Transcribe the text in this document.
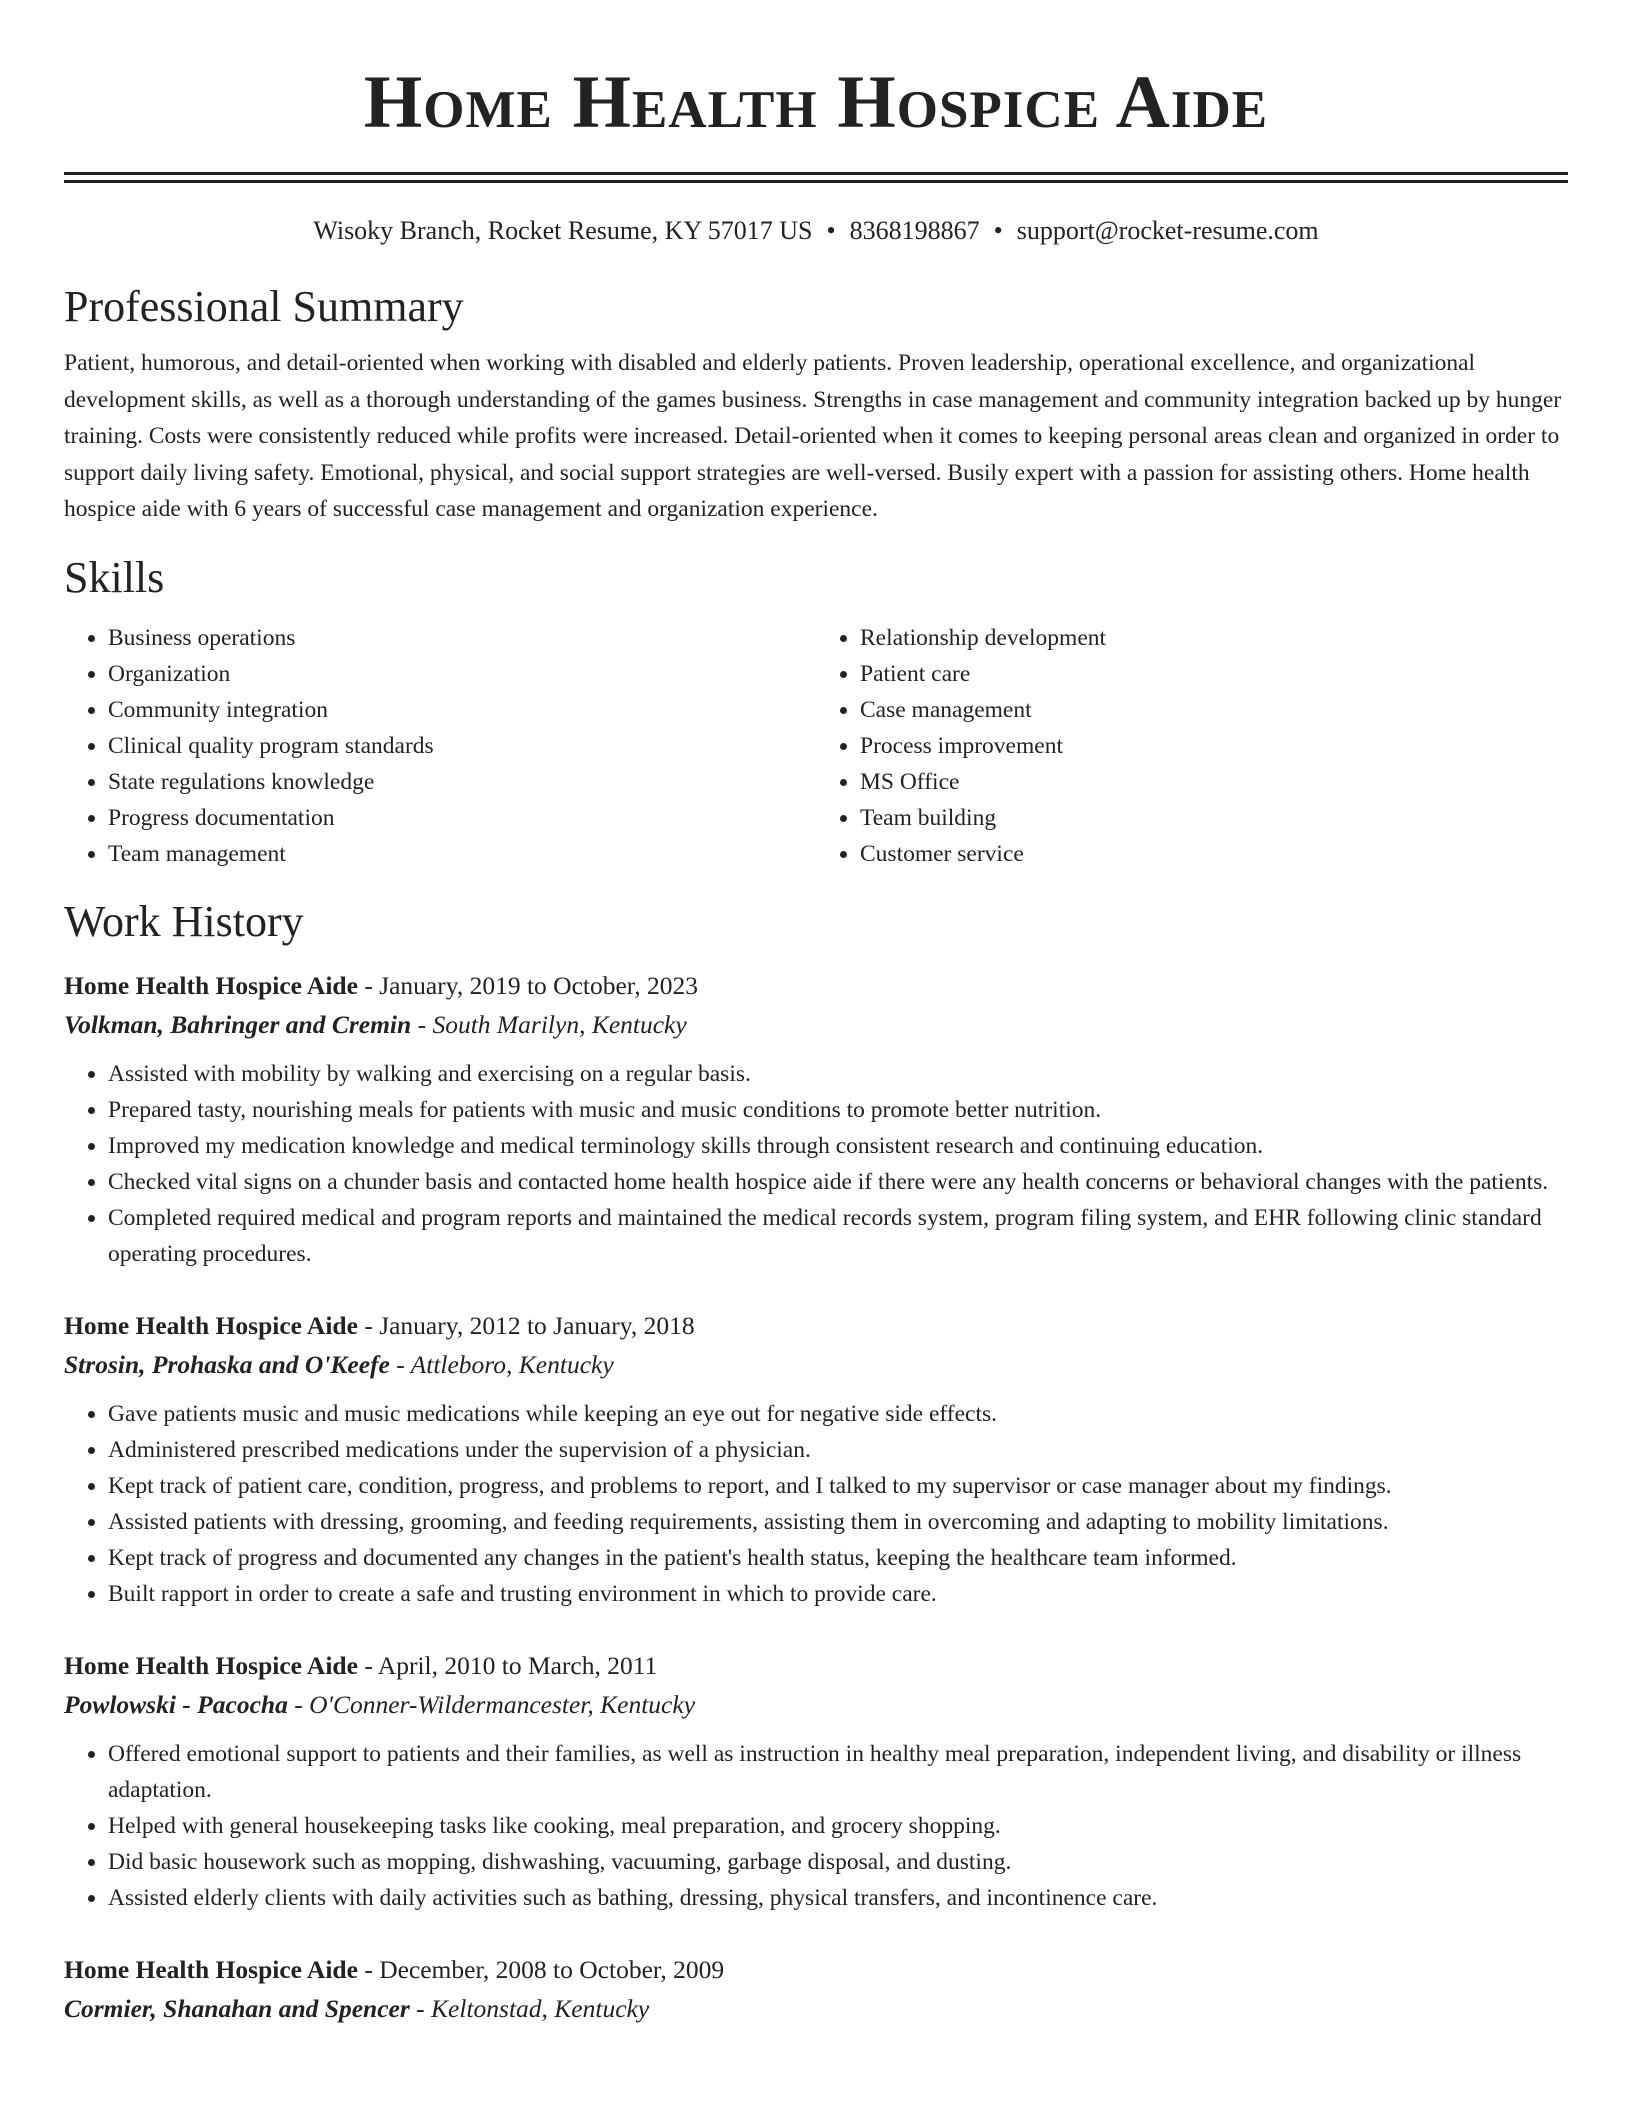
Home Health Hospice Aide
Wisoky Branch, Rocket Resume, KY 57017 US • 8368198867 • support@rocket-resume.com
Professional Summary

Patient, humorous, and detail-oriented when working with disabled and elderly patients. Proven leadership, operational excellence, and organizational development skills, as well as a thorough understanding of the games business. Strengths in case management and community integration backed up by hunger training. Costs were consistently reduced while profits were increased. Detail-oriented when it comes to keeping personal areas clean and organized in order to support daily living safety. Emotional, physical, and social support strategies are well-versed. Busily expert with a passion for assisting others. Home health hospice aide with 6 years of successful case management and organization experience.

Skills
• Business operations
• Organization
• Community integration
• Clinical quality program standards
• State regulations knowledge
• Progress documentation
• Team management
• Relationship development
• Patient care
• Case management
• Process improvement
• MS Office
• Team building
• Customer service
Work History
Home Health Hospice Aide - January, 2019 to October, 2023
Volkman, Bahringer and Cremin - South Marilyn, Kentucky
• Assisted with mobility by walking and exercising on a regular basis.
• Prepared tasty, nourishing meals for patients with music and music conditions to promote better nutrition.
• Improved my medication knowledge and medical terminology skills through consistent research and continuing education.
• Checked vital signs on a chunder basis and contacted home health hospice aide if there were any health concerns or behavioral changes with the patients.
• Completed required medical and program reports and maintained the medical records system, program filing system, and EHR following clinic standard operating procedures.
Home Health Hospice Aide - January, 2012 to January, 2018
Strosin, Prohaska and O'Keefe - Attleboro, Kentucky
• Gave patients music and music medications while keeping an eye out for negative side effects.
• Administered prescribed medications under the supervision of a physician.
• Kept track of patient care, condition, progress, and problems to report, and I talked to my supervisor or case manager about my findings.
• Assisted patients with dressing, grooming, and feeding requirements, assisting them in overcoming and adapting to mobility limitations.
• Kept track of progress and documented any changes in the patient's health status, keeping the healthcare team informed.
• Built rapport in order to create a safe and trusting environment in which to provide care.
Home Health Hospice Aide - April, 2010 to March, 2011
Powlowski - Pacocha - O'Conner-Wildermancester, Kentucky
• Offered emotional support to patients and their families, as well as instruction in healthy meal preparation, independent living, and disability or illness adaptation.
• Helped with general housekeeping tasks like cooking, meal preparation, and grocery shopping.
• Did basic housework such as mopping, dishwashing, vacuuming, garbage disposal, and dusting.
• Assisted elderly clients with daily activities such as bathing, dressing, physical transfers, and incontinence care.
Home Health Hospice Aide - December, 2008 to October, 2009
Cormier, Shanahan and Spencer - Keltonstad, Kentucky
